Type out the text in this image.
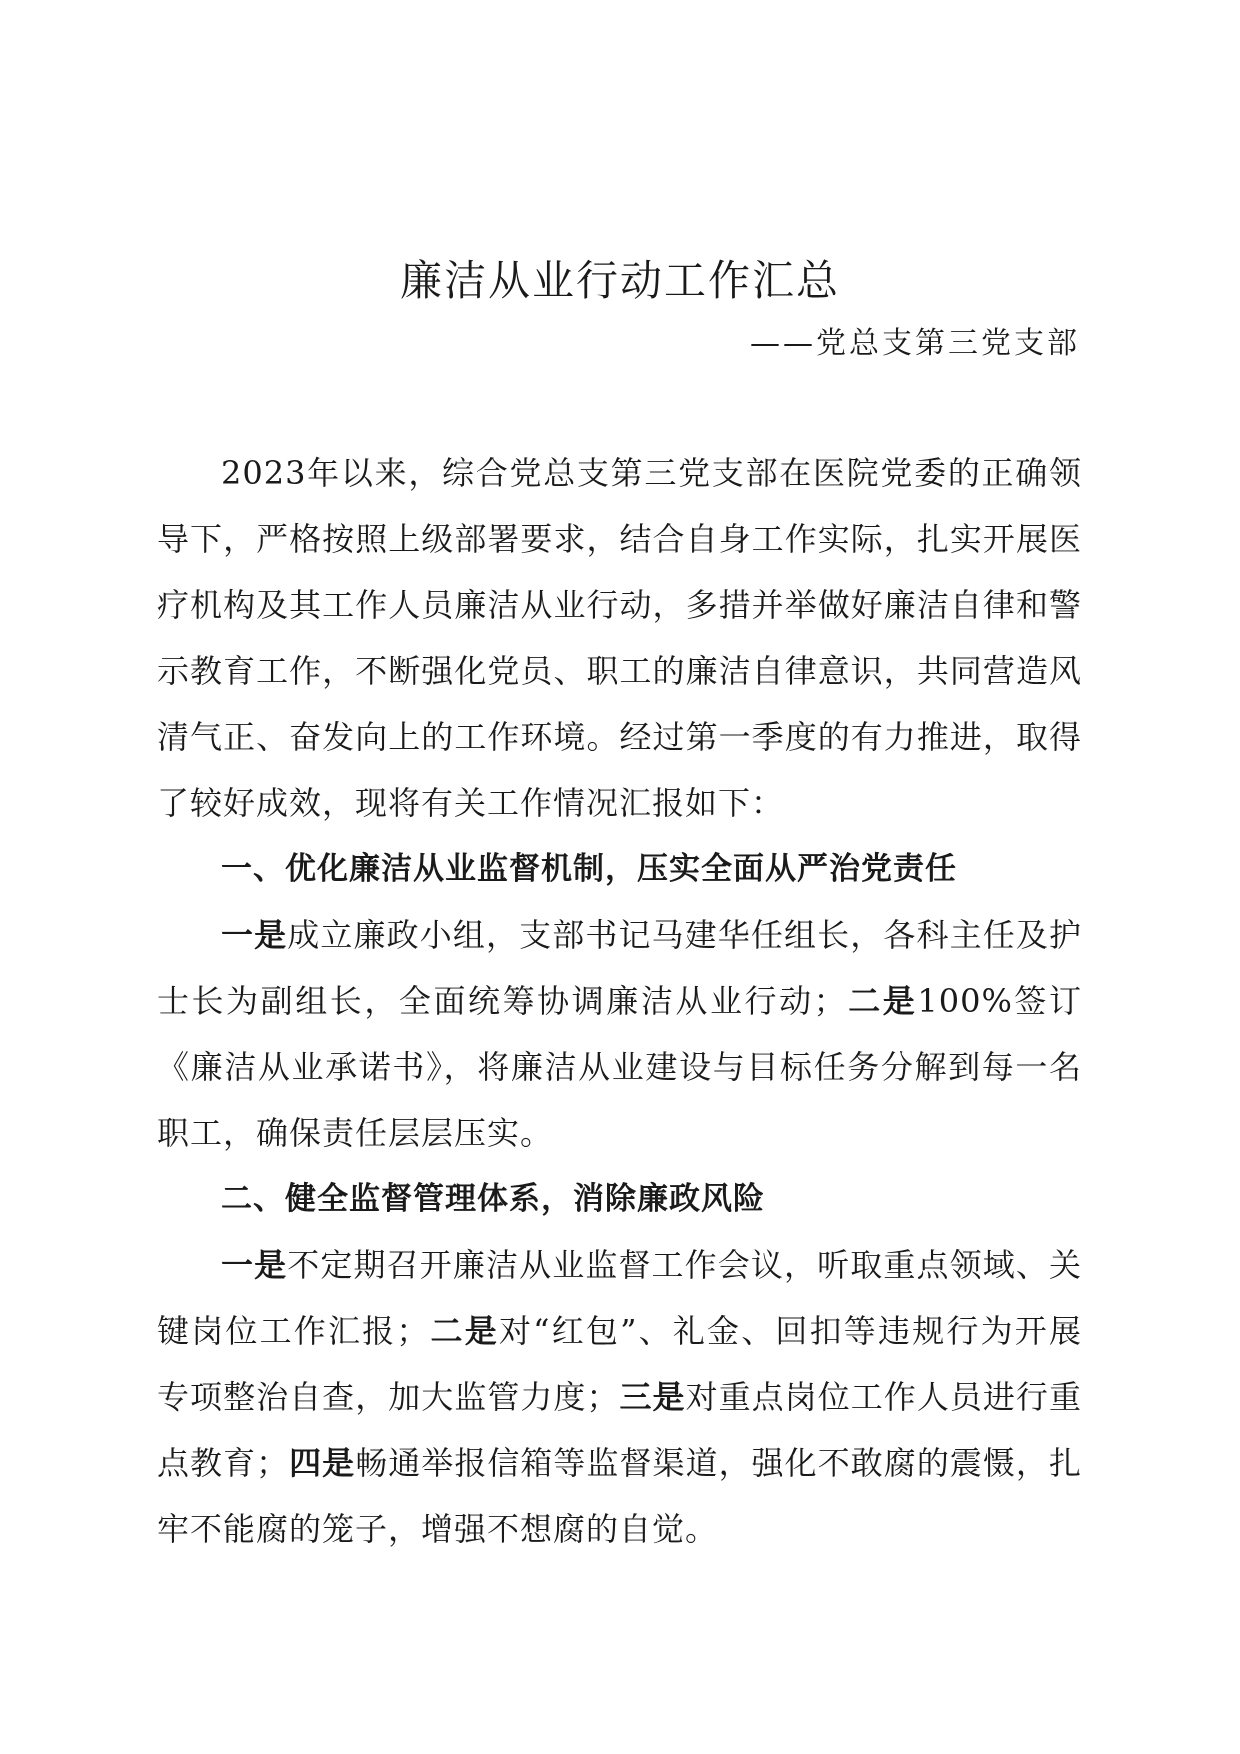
廉洁从业行动工作汇总
——党总支第三党支部

2023年以来，综合党总支第三党支部在医院党委的正确领导下，严格按照上级部署要求，结合自身工作实际，扎实开展医疗机构及其工作人员廉洁从业行动，多措并举做好廉洁自律和警示教育工作，不断强化党员、职工的廉洁自律意识，共同营造风清气正、奋发向上的工作环境。经过第一季度的有力推进，取得了较好成效，现将有关工作情况汇报如下：

一、优化廉洁从业监督机制，压实全面从严治党责任

一是成立廉政小组，支部书记马建华任组长，各科主任及护士长为副组长，全面统筹协调廉洁从业行动；二是100%签订《廉洁从业承诺书》，将廉洁从业建设与目标任务分解到每一名职工，确保责任层层压实。

二、健全监督管理体系，消除廉政风险

一是不定期召开廉洁从业监督工作会议，听取重点领域、关键岗位工作汇报；二是对“红包”、礼金、回扣等违规行为开展专项整治自查，加大监管力度；三是对重点岗位工作人员进行重点教育；四是畅通举报信箱等监督渠道，强化不敢腐的震慑，扎牢不能腐的笼子，增强不想腐的自觉。
